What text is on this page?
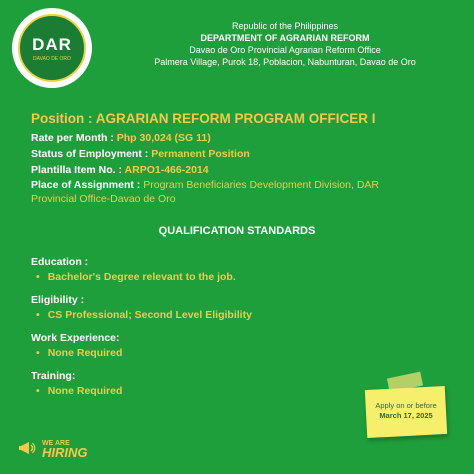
DAR
DAVAO DE ORO
Republic of the Philippines
DEPARTMENT OF AGRARIAN REFORM
Davao de Oro Provincial Agrarian Reform Office
Palmera Village, Purok 18, Poblacion, Nabunturan, Davao de Oro
Position : AGRARIAN REFORM PROGRAM OFFICER I
Rate per Month : Php 30,024 (SG 11)
Status of Employment : Permanent Position
Plantilla Item No. : ARPO1-466-2014
Place of Assignment : Program Beneficiaries Development Division, DAR
Provincial Office-Davao de Oro
QUALIFICATION STANDARDS
Education :
• Bachelor's Degree relevant to the job.
Eligibility :
• CS Professional; Second Level Eligibility
Work Experience:
• None Required
Training:
• None Required
Apply on or before
March 17, 2025
WE ARE
HIRING
